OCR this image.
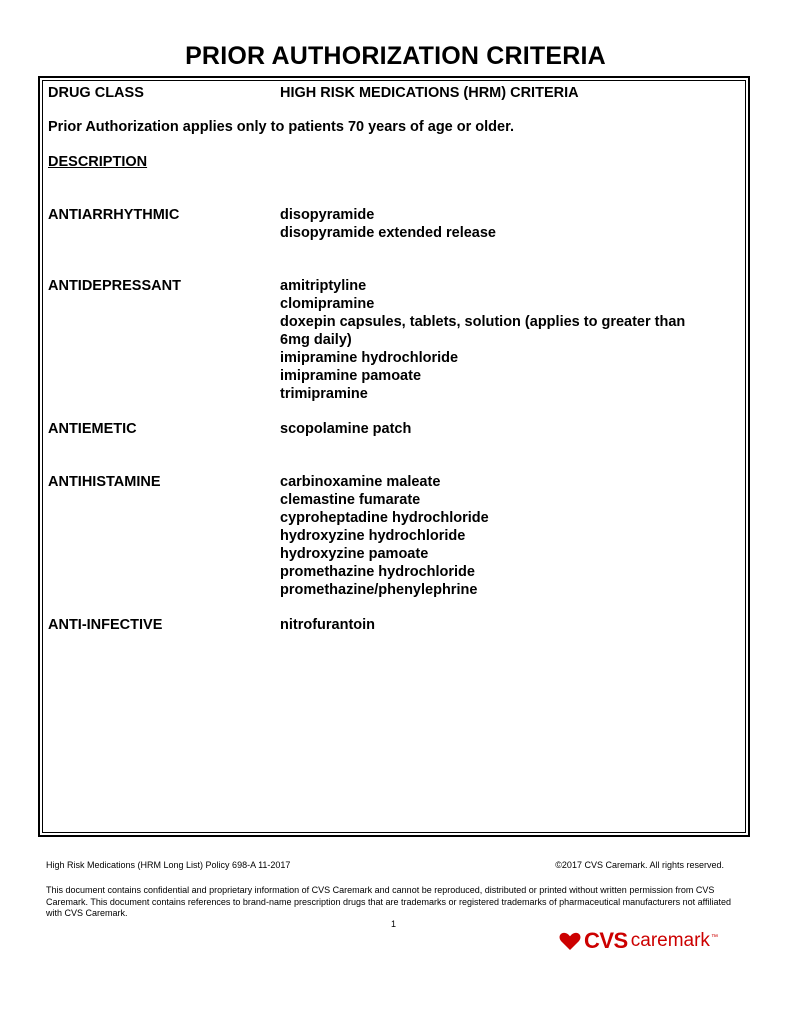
PRIOR AUTHORIZATION CRITERIA
DRUG CLASS	HIGH RISK MEDICATIONS (HRM) CRITERIA
Prior Authorization applies only to patients 70 years of age or older.
DESCRIPTION
ANTIARRHYTHMIC	disopyramide
disopyramide extended release
ANTIDEPRESSANT	amitriptyline
clomipramine
doxepin capsules, tablets, solution (applies to greater than
6mg daily)
imipramine hydrochloride
imipramine pamoate
trimipramine
ANTIEMETIC	scopolamine patch
ANTIHISTAMINE	carbinoxamine maleate
clemastine fumarate
cyproheptadine hydrochloride
hydroxyzine hydrochloride
hydroxyzine pamoate
promethazine hydrochloride
promethazine/phenylephrine
ANTI-INFECTIVE	nitrofurantoin
High Risk Medications (HRM Long List) Policy 698-A 11-2017	©2017 CVS Caremark. All rights reserved.
This document contains confidential and proprietary information of CVS Caremark and cannot be reproduced, distributed or printed without written permission from CVS Caremark. This document contains references to brand-name prescription drugs that are trademarks or registered trademarks of pharmaceutical manufacturers not affiliated with CVS Caremark.
1
CVS caremark ™
